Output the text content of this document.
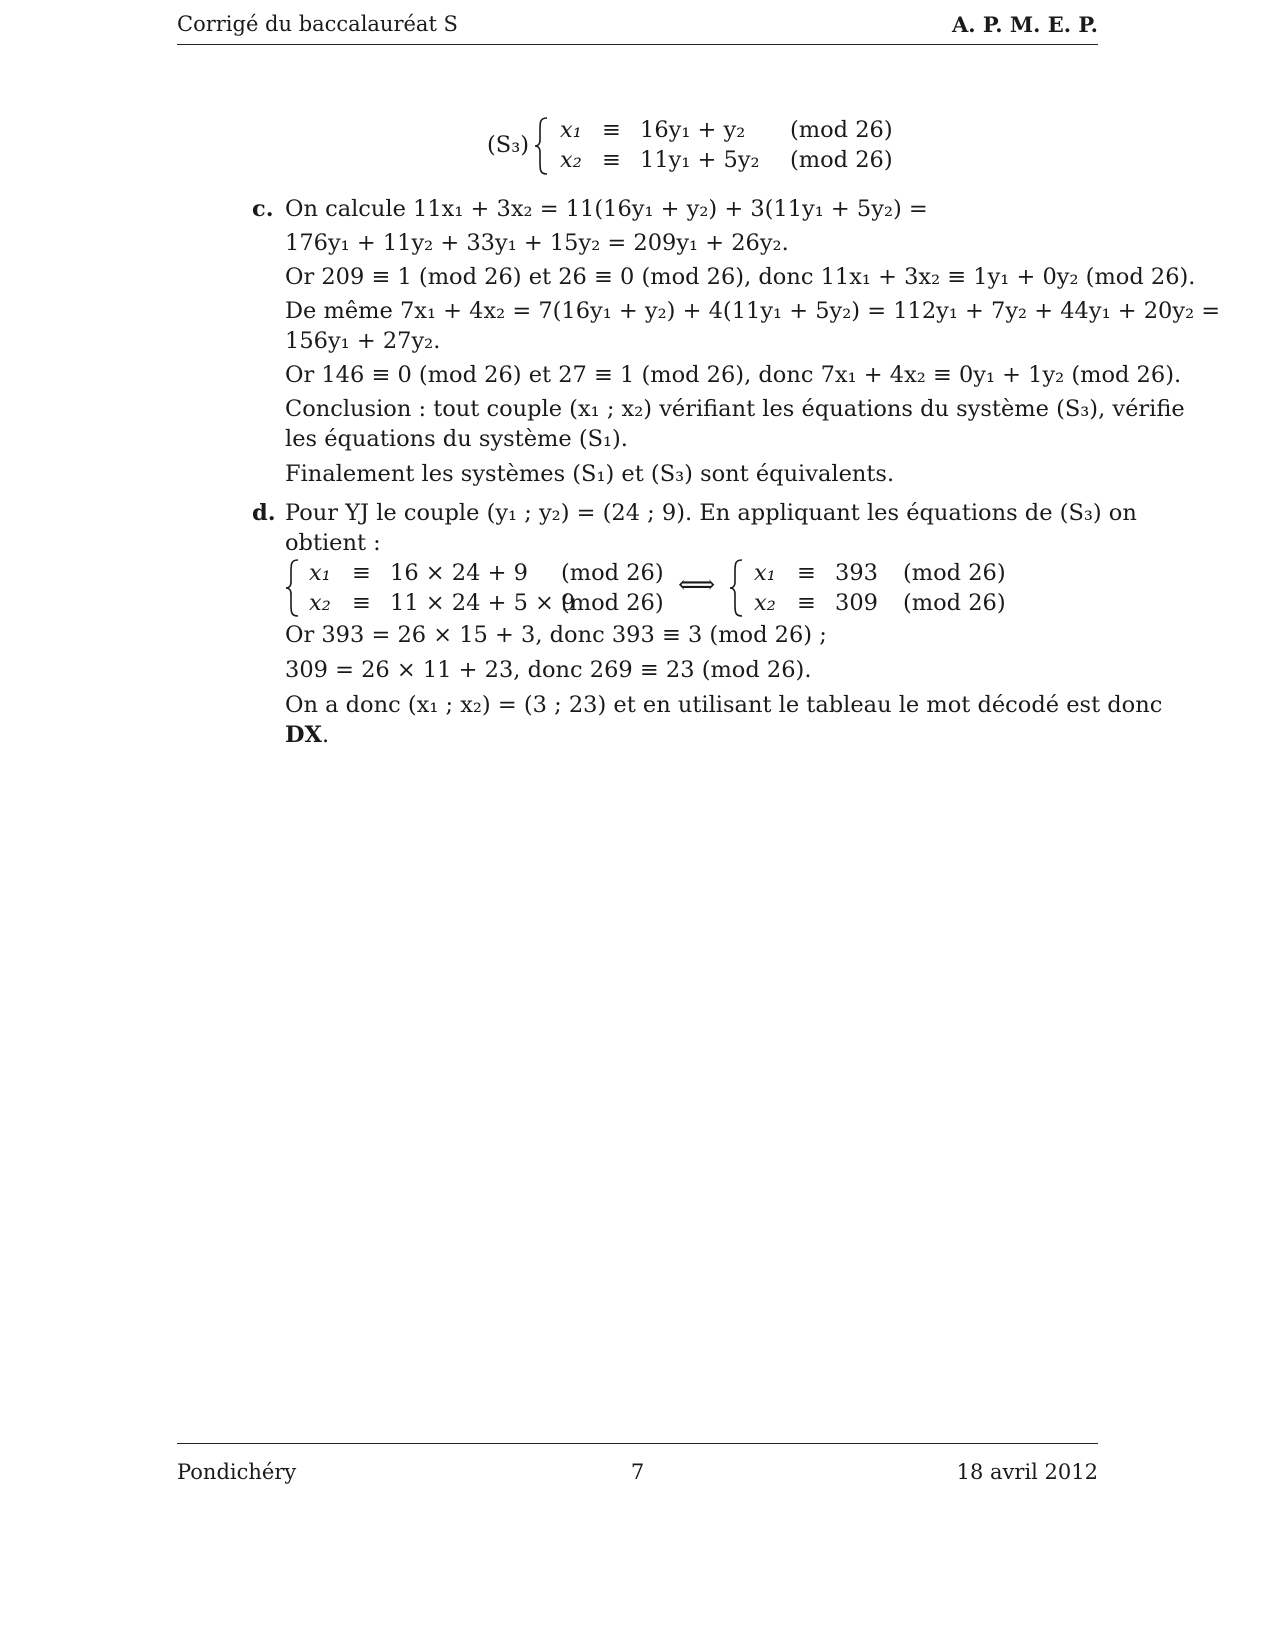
Corrigé du baccalauréat S	A. P. M. E. P.
(S₃)
x₁ ≡ 16y₁ + y₂ (mod 26)
x₂ ≡ 11y₁ + 5y₂ (mod 26)
c. On calcule 11x₁ + 3x₂ = 11(16y₁ + y₂) + 3(11y₁ + 5y₂) =
176y₁ + 11y₂ + 33y₁ + 15y₂ = 209y₁ + 26y₂.
Or 209 ≡ 1 (mod 26) et 26 ≡ 0 (mod 26), donc 11x₁ + 3x₂ ≡ 1y₁ + 0y₂ (mod 26).
De même 7x₁ + 4x₂ = 7(16y₁ + y₂) + 4(11y₁ + 5y₂) = 112y₁ + 7y₂ + 44y₁ + 20y₂ =
156y₁ + 27y₂.
Or 146 ≡ 0 (mod 26) et 27 ≡ 1 (mod 26), donc 7x₁ + 4x₂ ≡ 0y₁ + 1y₂ (mod 26).
Conclusion : tout couple (x₁ ; x₂) vérifiant les équations du système (S₃), vérifie
les équations du système (S₁).
Finalement les systèmes (S₁) et (S₃) sont équivalents.
d. Pour YJ le couple (y₁ ; y₂) = (24 ; 9). En appliquant les équations de (S₃) on
obtient :
x₁ ≡ 16 × 24 + 9 (mod 26)
x₂ ≡ 11 × 24 + 5 × 9
(mod 26)
⟺ x₁ ≡ 393 (mod 26)
x₂ ≡ 309 (mod 26)
Or 393 = 26 × 15 + 3, donc 393 ≡ 3 (mod 26) ;
309 = 26 × 11 + 23, donc 269 ≡ 23 (mod 26).
On a donc (x₁ ; x₂) = (3 ; 23) et en utilisant le tableau le mot décodé est donc
DX.
Pondichéry	7	18 avril 2012
